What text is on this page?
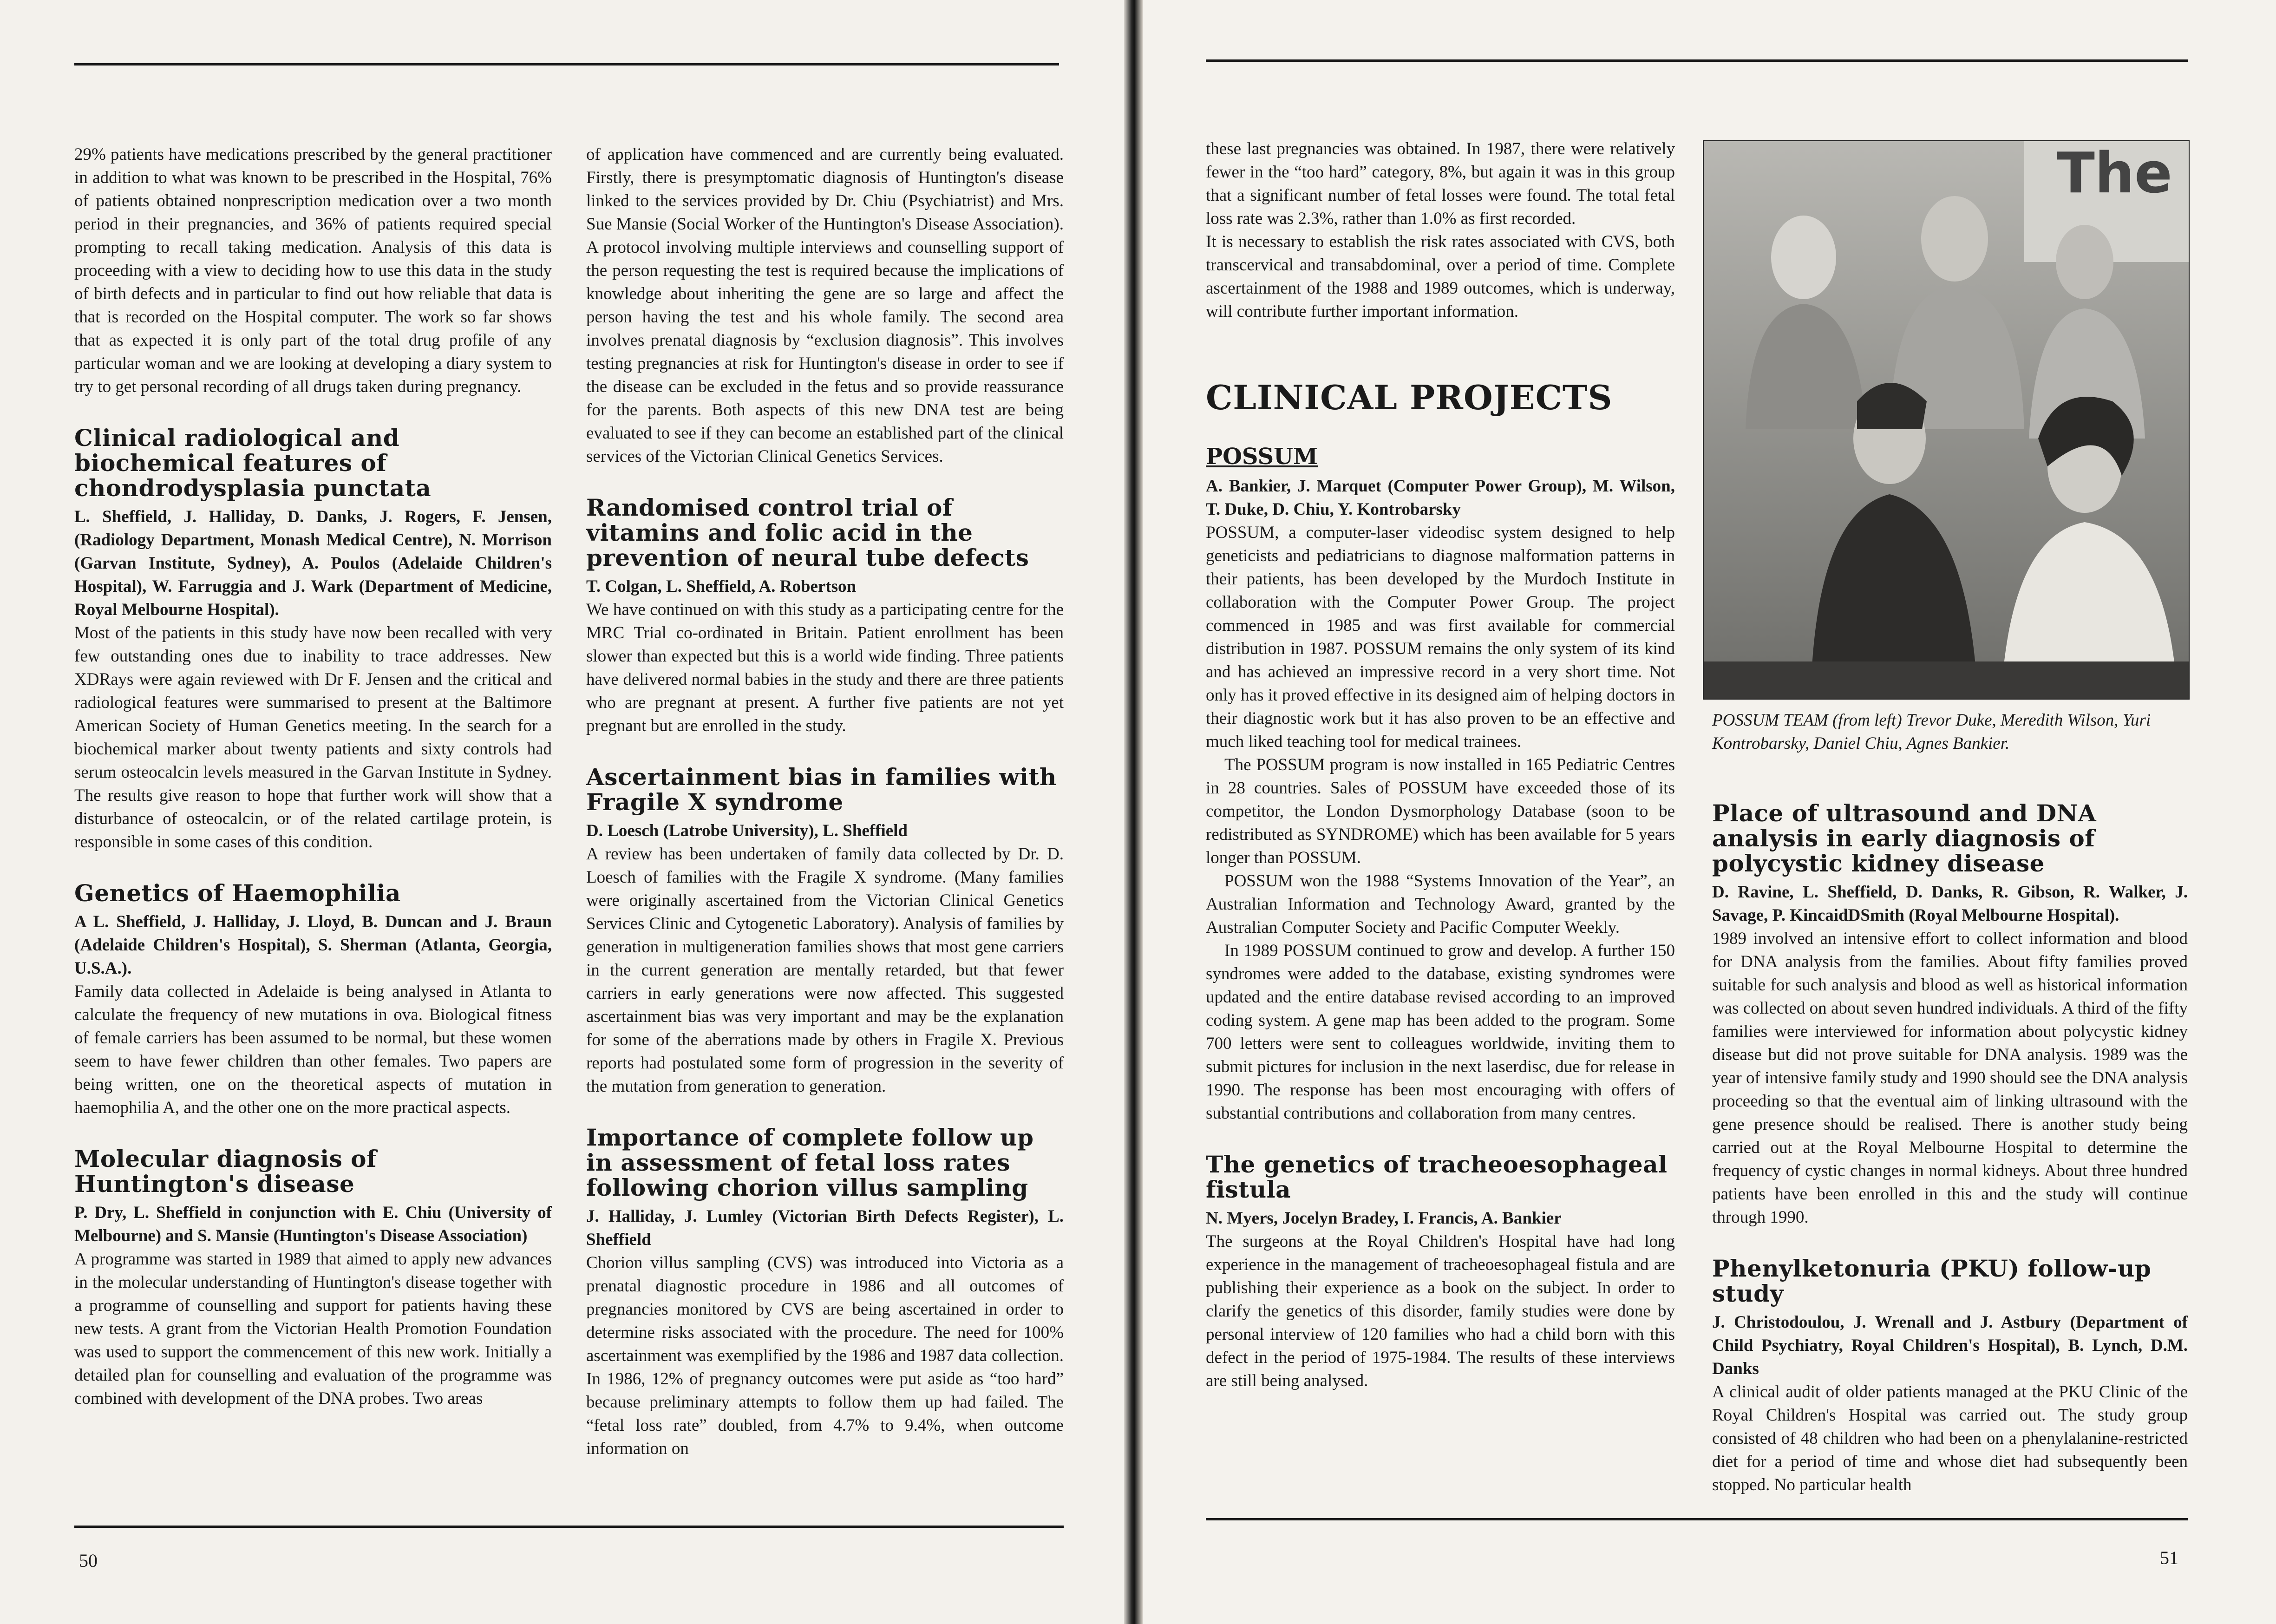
29% patients have medications prescribed by the general practitioner in addition to what was known to be prescribed in the Hospital, 76% of patients obtained nonprescription medication over a two month period in their pregnancies, and 36% of patients required special prompting to recall taking medication. Analysis of this data is proceeding with a view to deciding how to use this data in the study of birth defects and in particular to find out how reliable that data is that is recorded on the Hospital computer. The work so far shows that as expected it is only part of the total drug profile of any particular woman and we are looking at developing a diary system to try to get personal recording of all drugs taken during pregnancy.

Clinical radiological and biochemical features of chondrodysplasia punctata

L. Sheffield, J. Halliday, D. Danks, J. Rogers, F. Jensen, (Radiology Department, Monash Medical Centre), N. Morrison (Garvan Institute, Sydney), A. Poulos (Adelaide Children's Hospital), W. Farruggia and J. Wark (Department of Medicine, Royal Melbourne Hospital).

Most of the patients in this study have now been recalled with very few outstanding ones due to inability to trace addresses. New XDRays were again reviewed with Dr F. Jensen and the critical and radiological features were summarised to present at the Baltimore American Society of Human Genetics meeting. In the search for a biochemical marker about twenty patients and sixty controls had serum osteocalcin levels measured in the Garvan Institute in Sydney. The results give reason to hope that further work will show that a disturbance of osteocalcin, or of the related cartilage protein, is responsible in some cases of this condition.

Genetics of Haemophilia

A L. Sheffield, J. Halliday, J. Lloyd, B. Duncan and J. Braun (Adelaide Children's Hospital), S. Sherman (Atlanta, Georgia, U.S.A.).

Family data collected in Adelaide is being analysed in Atlanta to calculate the frequency of new mutations in ova. Biological fitness of female carriers has been assumed to be normal, but these women seem to have fewer children than other females. Two papers are being written, one on the theoretical aspects of mutation in haemophilia A, and the other one on the more practical aspects.

Molecular diagnosis of Huntington's disease

P. Dry, L. Sheffield in conjunction with E. Chiu (University of Melbourne) and S. Mansie (Huntington's Disease Association)

A programme was started in 1989 that aimed to apply new advances in the molecular understanding of Huntington's disease together with a programme of counselling and support for patients having these new tests. A grant from the Victorian Health Promotion Foundation was used to support the commencement of this new work. Initially a detailed plan for counselling and evaluation of the programme was combined with development of the DNA probes. Two areas

of application have commenced and are currently being evaluated. Firstly, there is presymptomatic diagnosis of Huntington's disease linked to the services provided by Dr. Chiu (Psychiatrist) and Mrs. Sue Mansie (Social Worker of the Huntington's Disease Association). A protocol involving multiple interviews and counselling support of the person requesting the test is required because the implications of knowledge about inheriting the gene are so large and affect the person having the test and his whole family. The second area involves prenatal diagnosis by “exclusion diagnosis”. This involves testing pregnancies at risk for Huntington's disease in order to see if the disease can be excluded in the fetus and so provide reassurance for the parents. Both aspects of this new DNA test are being evaluated to see if they can become an established part of the clinical services of the Victorian Clinical Genetics Services.

Randomised control trial of vitamins and folic acid in the prevention of neural tube defects

T. Colgan, L. Sheffield, A. Robertson

We have continued on with this study as a participating centre for the MRC Trial co-ordinated in Britain. Patient enrollment has been slower than expected but this is a world wide finding. Three patients have delivered normal babies in the study and there are three patients who are pregnant at present. A further five patients are not yet pregnant but are enrolled in the study.

Ascertainment bias in families with Fragile X syndrome

D. Loesch (Latrobe University), L. Sheffield

A review has been undertaken of family data collected by Dr. D. Loesch of families with the Fragile X syndrome. (Many families were originally ascertained from the Victorian Clinical Genetics Services Clinic and Cytogenetic Laboratory). Analysis of families by generation in multigeneration families shows that most gene carriers in the current generation are mentally retarded, but that fewer carriers in early generations were now affected. This suggested ascertainment bias was very important and may be the explanation for some of the aberrations made by others in Fragile X. Previous reports had postulated some form of progression in the severity of the mutation from generation to generation.

Importance of complete follow up in assessment of fetal loss rates following chorion villus sampling

J. Halliday, J. Lumley (Victorian Birth Defects Register), L. Sheffield

Chorion villus sampling (CVS) was introduced into Victoria as a prenatal diagnostic procedure in 1986 and all outcomes of pregnancies monitored by CVS are being ascertained in order to determine risks associated with the procedure. The need for 100% ascertainment was exemplified by the 1986 and 1987 data collection. In 1986, 12% of pregnancy outcomes were put aside as “too hard” because preliminary attempts to follow them up had failed. The “fetal loss rate” doubled, from 4.7% to 9.4%, when outcome information on

50

these last pregnancies was obtained. In 1987, there were relatively fewer in the “too hard” category, 8%, but again it was in this group that a significant number of fetal losses were found. The total fetal loss rate was 2.3%, rather than 1.0% as first recorded.

It is necessary to establish the risk rates associated with CVS, both transcervical and transabdominal, over a period of time. Complete ascertainment of the 1988 and 1989 outcomes, which is underway, will contribute further important information.

CLINICAL PROJECTS
POSSUM

A. Bankier, J. Marquet (Computer Power Group), M. Wilson, T. Duke, D. Chiu, Y. Kontrobarsky

POSSUM, a computer-laser videodisc system designed to help geneticists and pediatricians to diagnose malformation patterns in their patients, has been developed by the Murdoch Institute in collaboration with the Computer Power Group. The project commenced in 1985 and was first available for commercial distribution in 1987. POSSUM remains the only system of its kind and has achieved an impressive record in a very short time. Not only has it proved effective in its designed aim of helping doctors in their diagnostic work but it has also proven to be an effective and much liked teaching tool for medical trainees.

The POSSUM program is now installed in 165 Pediatric Centres in 28 countries. Sales of POSSUM have exceeded those of its competitor, the London Dysmorphology Database (soon to be redistributed as SYNDROME) which has been available for 5 years longer than POSSUM.

POSSUM won the 1988 “Systems Innovation of the Year”, an Australian Information and Technology Award, granted by the Australian Computer Society and Pacific Computer Weekly.

In 1989 POSSUM continued to grow and develop. A further 150 syndromes were added to the database, existing syndromes were updated and the entire database revised according to an improved coding system. A gene map has been added to the program. Some 700 letters were sent to colleagues worldwide, inviting them to submit pictures for inclusion in the next laserdisc, due for release in 1990. The response has been most encouraging with offers of substantial contributions and collaboration from many centres.

The genetics of tracheoesophageal fistula

N. Myers, Jocelyn Bradey, I. Francis, A. Bankier

The surgeons at the Royal Children's Hospital have had long experience in the management of tracheoesophageal fistula and are publishing their experience as a book on the subject. In order to clarify the genetics of this disorder, family studies were done by personal interview of 120 families who had a child born with this defect in the period of 1975-1984. The results of these interviews are still being analysed.

The
POSSUM TEAM (from left) Trevor Duke, Meredith Wilson, Yuri Kontrobarsky, Daniel Chiu, Agnes Bankier.
Place of ultrasound and DNA analysis in early diagnosis of polycystic kidney disease

D. Ravine, L. Sheffield, D. Danks, R. Gibson, R. Walker, J. Savage, P. KincaidDSmith (Royal Melbourne Hospital).

1989 involved an intensive effort to collect information and blood for DNA analysis from the families. About fifty families proved suitable for such analysis and blood as well as historical information was collected on about seven hundred individuals. A third of the fifty families were interviewed for information about polycystic kidney disease but did not prove suitable for DNA analysis. 1989 was the year of intensive family study and 1990 should see the DNA analysis proceeding so that the eventual aim of linking ultrasound with the gene presence should be realised. There is another study being carried out at the Royal Melbourne Hospital to determine the frequency of cystic changes in normal kidneys. About three hundred patients have been enrolled in this and the study will continue through 1990.

Phenylketonuria (PKU) follow-up study

J. Christodoulou, J. Wrenall and J. Astbury (Department of Child Psychiatry, Royal Children's Hospital), B. Lynch, D.M. Danks

A clinical audit of older patients managed at the PKU Clinic of the Royal Children's Hospital was carried out. The study group consisted of 48 children who had been on a phenylalanine-restricted diet for a period of time and whose diet had subsequently been stopped. No particular health

51
